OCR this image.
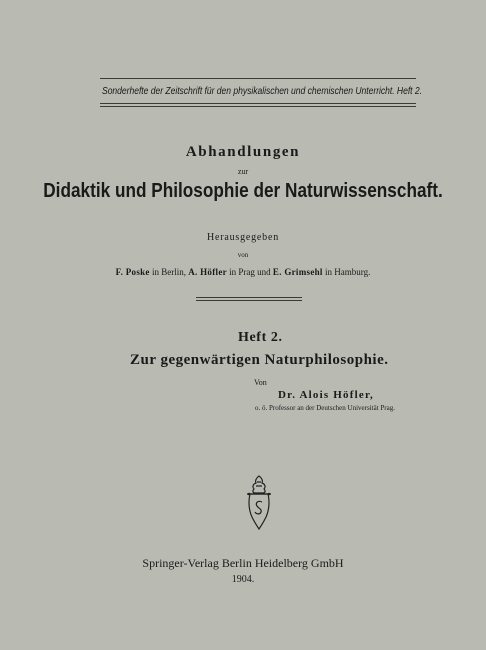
Sonderhefte der Zeitschrift für den physikalischen und chemischen Unterricht. Heft 2.
Abhandlungen
zur
Didaktik und Philosophie der Naturwissenschaft.
Herausgegeben
von
F. Poske in Berlin, A. Höfler in Prag und E. Grimsehl in Hamburg.
Heft 2.
Zur gegenwärtigen Naturphilosophie.
Von
Dr. Alois Höfler,
o. ö. Professor an der Deutschen Universität Prag.
Springer-Verlag Berlin Heidelberg GmbH
1904.
